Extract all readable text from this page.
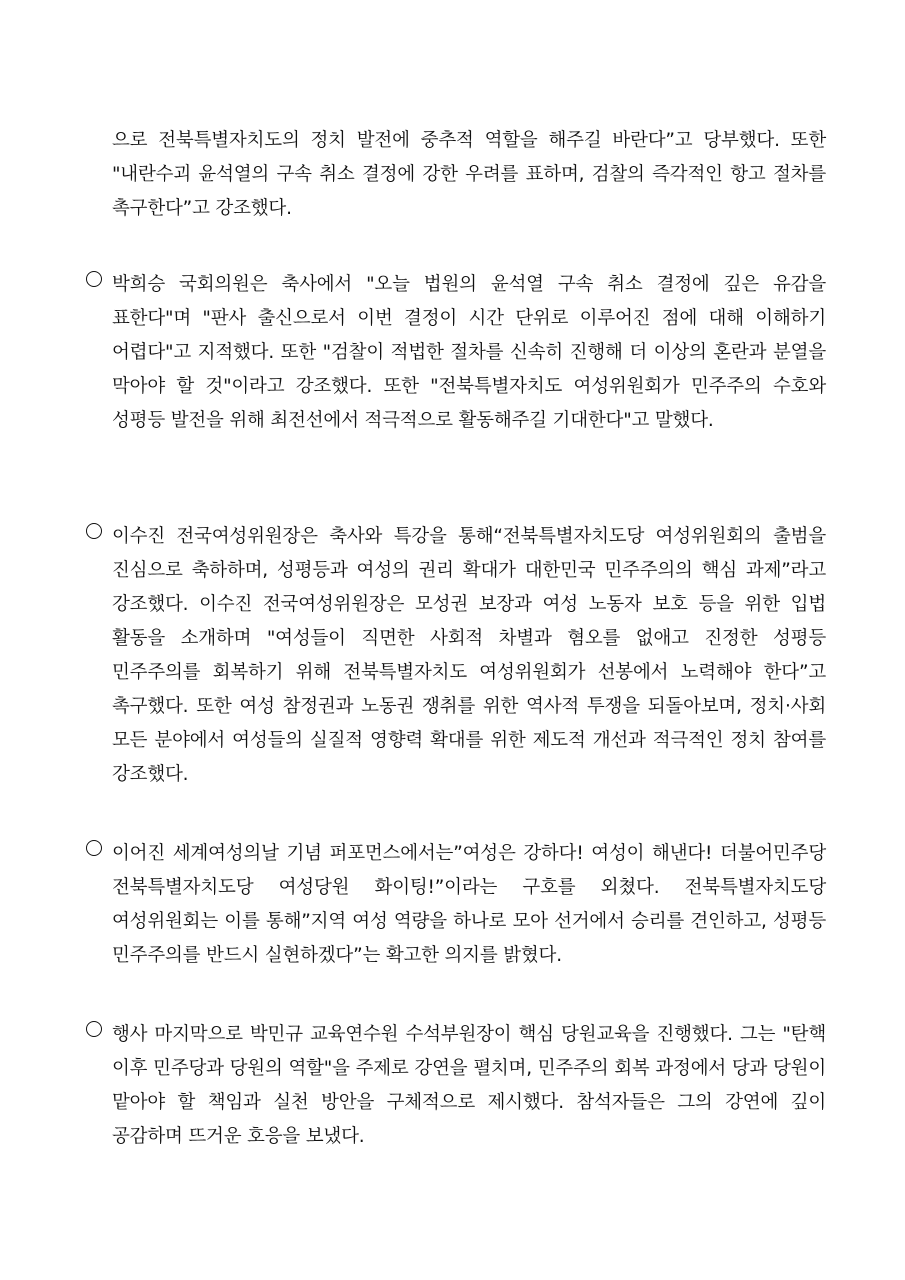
으로 전북특별자치도의 정치 발전에 중추적 역할을 해주길 바란다”고 당부했다. 또한 "내란수괴 윤석열의 구속 취소 결정에 강한 우려를 표하며, 검찰의 즉각적인 항고 절차를 촉구한다”고 강조했다.
박희승 국회의원은 축사에서 "오늘 법원의 윤석열 구속 취소 결정에 깊은 유감을 표한다"며 "판사 출신으로서 이번 결정이 시간 단위로 이루어진 점에 대해 이해하기 어렵다"고 지적했다. 또한 "검찰이 적법한 절차를 신속히 진행해 더 이상의 혼란과 분열을 막아야 할 것"이라고 강조했다. 또한 "전북특별자치도 여성위원회가 민주주의 수호와 성평등 발전을 위해 최전선에서 적극적으로 활동해주길 기대한다"고 말했다.
이수진 전국여성위원장은 축사와 특강을 통해“전북특별자치도당 여성위원회의 출범을 진심으로 축하하며, 성평등과 여성의 권리 확대가 대한민국 민주주의의 핵심 과제”라고 강조했다. 이수진 전국여성위원장은 모성권 보장과 여성 노동자 보호 등을 위한 입법 활동을 소개하며 "여성들이 직면한 사회적 차별과 혐오를 없애고 진정한 성평등 민주주의를 회복하기 위해 전북특별자치도 여성위원회가 선봉에서 노력해야 한다”고 촉구했다. 또한 여성 참정권과 노동권 쟁취를 위한 역사적 투쟁을 되돌아보며, 정치·사회 모든 분야에서 여성들의 실질적 영향력 확대를 위한 제도적 개선과 적극적인 정치 참여를 강조했다.
이어진 세계여성의날 기념 퍼포먼스에서는”여성은 강하다! 여성이 해낸다! 더불어민주당 전북특별자치도당 여성당원 화이팅!”이라는 구호를 외쳤다. 전북특별자치도당 여성위원회는 이를 통해”지역 여성 역량을 하나로 모아 선거에서 승리를 견인하고, 성평등 민주주의를 반드시 실현하겠다”는 확고한 의지를 밝혔다.
행사 마지막으로 박민규 교육연수원 수석부원장이 핵심 당원교육을 진행했다. 그는 "탄핵 이후 민주당과 당원의 역할"을 주제로 강연을 펼치며, 민주주의 회복 과정에서 당과 당원이 맡아야 할 책임과 실천 방안을 구체적으로 제시했다. 참석자들은 그의 강연에 깊이 공감하며 뜨거운 호응을 보냈다.
